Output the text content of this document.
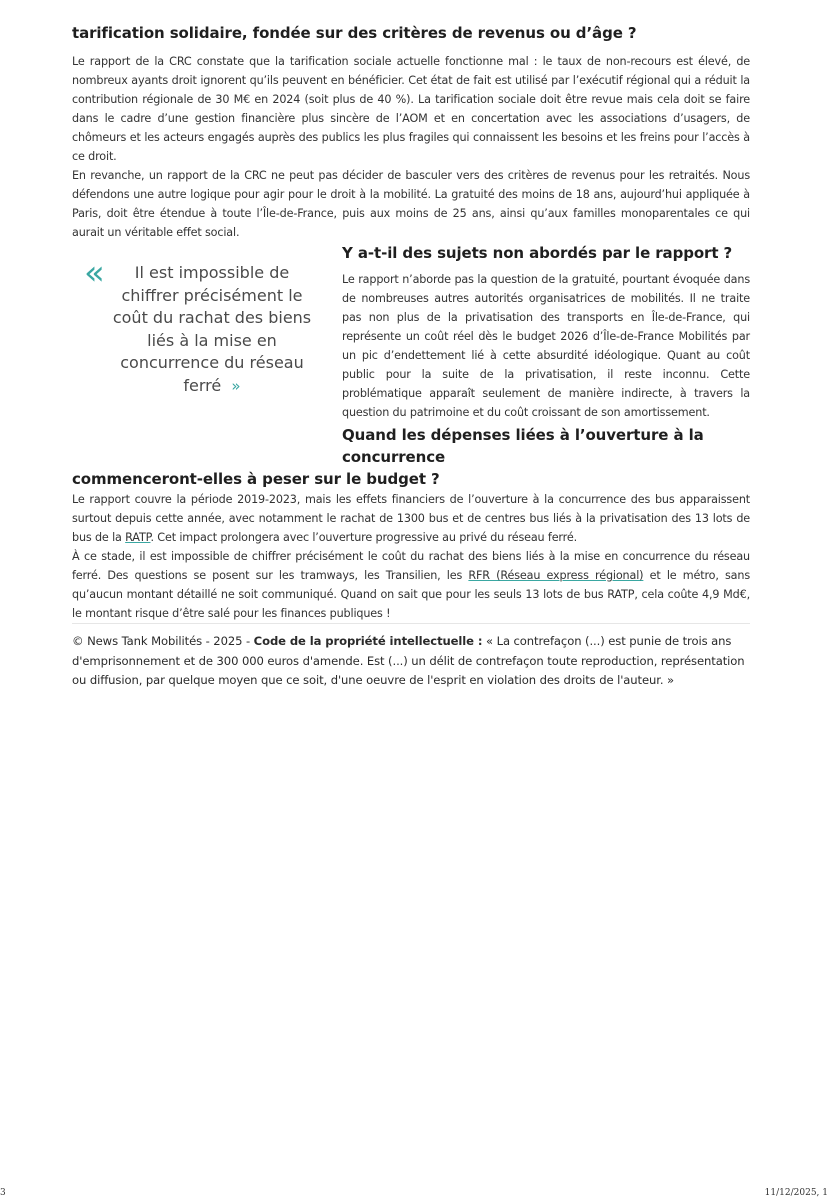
tarification solidaire, fondée sur des critères de revenus ou d’âge ?

Le rapport de la CRC constate que la tarification sociale actuelle fonctionne mal : le taux de non-recours est élevé, de nombreux ayants droit ignorent qu’ils peuvent en bénéficier. Cet état de fait est utilisé par l’exécutif régional qui a réduit la contribution régionale de 30 M€ en 2024 (soit plus de 40 %). La tarification sociale doit être revue mais cela doit se faire dans le cadre d’une gestion financière plus sincère de l’AOM et en concertation avec les associations d’usagers, de chômeurs et les acteurs engagés auprès des publics les plus fragiles qui connaissent les besoins et les freins pour l’accès à ce droit.

En revanche, un rapport de la CRC ne peut pas décider de basculer vers des critères de revenus pour les retraités. Nous défendons une autre logique pour agir pour le droit à la mobilité. La gratuité des moins de 18 ans, aujourd’hui appliquée à Paris, doit être étendue à toute l’Île-de-France, puis aux moins de 25 ans, ainsi qu’aux familles monoparentales ce qui aurait un véritable effet social.

«	Il est impossible de chiffrer précisément le coût du rachat des biens liés à la mise en concurrence du réseau ferré »
Y a-t-il des sujets non abordés par le rapport ?

Le rapport n’aborde pas la question de la gratuité, pourtant évoquée dans de nombreuses autres autorités organisatrices de mobilités. Il ne traite pas non plus de la privatisation des transports en Île-de-France, qui représente un coût réel dès le budget 2026 d’Île-de-France Mobilités par un pic d’endettement lié à cette absurdité idéologique. Quant au coût public pour la suite de la privatisation, il reste inconnu. Cette problématique apparaît seulement de manière indirecte, à travers la question du patrimoine et du coût croissant de son amortissement.

Quand les dépenses liées à l’ouverture à la concurrence
commenceront-elles à peser sur le budget ?

Le rapport couvre la période 2019-2023, mais les effets financiers de l’ouverture à la concurrence des bus apparaissent surtout depuis cette année, avec notamment le rachat de 1300 bus et de centres bus liés à la privatisation des 13 lots de bus de la RATP. Cet impact prolongera avec l’ouverture progressive au privé du réseau ferré.

À ce stade, il est impossible de chiffrer précisément le coût du rachat des biens liés à la mise en concurrence du réseau ferré. Des questions se posent sur les tramways, les Transilien, les RFR (Réseau express régional) et le métro, sans qu’aucun montant détaillé ne soit communiqué. Quand on sait que pour les seuls 13 lots de bus RATP, cela coûte 4,9 Md€, le montant risque d’être salé pour les finances publiques !

© News Tank Mobilités - 2025 - Code de la propriété intellectuelle : « La contrefaçon (...) est punie de trois ans d'emprisonnement et de 300 000 euros d'amende. Est (...) un délit de contrefaçon toute reproduction, représentation ou diffusion, par quelque moyen que ce soit, d'une oeuvre de l'esprit en violation des droits de l'auteur. »

3	11/12/2025, 1
